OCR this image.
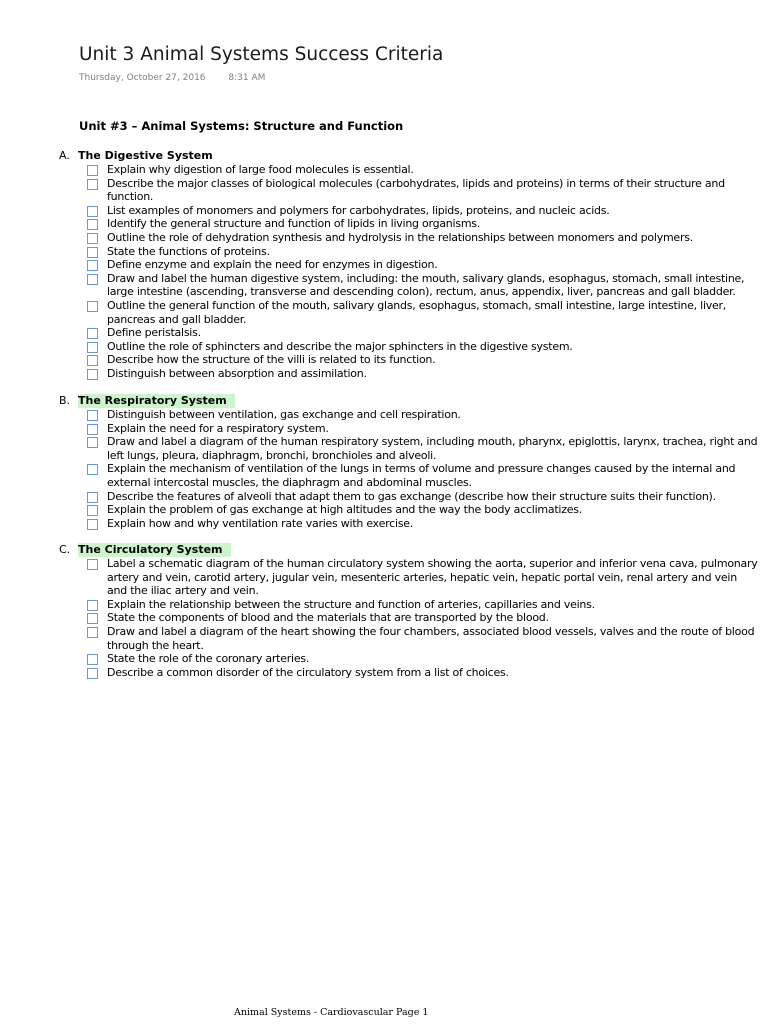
Unit 3 Animal Systems Success Criteria
Thursday, October 27, 2016	8:31 AM
Unit #3 – Animal Systems: Structure and Function
A. The Digestive System
Explain why digestion of large food molecules is essential.
Describe the major classes of biological molecules (carbohydrates, lipids and proteins) in terms of their structure and function.
List examples of monomers and polymers for carbohydrates, lipids, proteins, and nucleic acids.
Identify the general structure and function of lipids in living organisms.
Outline the role of dehydration synthesis and hydrolysis in the relationships between monomers and polymers.
State the functions of proteins.
Define enzyme and explain the need for enzymes in digestion.
Draw and label the human digestive system, including: the mouth, salivary glands, esophagus, stomach, small intestine, large intestine (ascending, transverse and descending colon), rectum, anus, appendix, liver, pancreas and gall bladder.
Outline the general function of the mouth, salivary glands, esophagus, stomach, small intestine, large intestine, liver, pancreas and gall bladder.
Define peristalsis.
Outline the role of sphincters and describe the major sphincters in the digestive system.
Describe how the structure of the villi is related to its function.
Distinguish between absorption and assimilation.
B. The Respiratory System
Distinguish between ventilation, gas exchange and cell respiration.
Explain the need for a respiratory system.
Draw and label a diagram of the human respiratory system, including mouth, pharynx, epiglottis, larynx, trachea, right and left lungs, pleura, diaphragm, bronchi, bronchioles and alveoli.
Explain the mechanism of ventilation of the lungs in terms of volume and pressure changes caused by the internal and external intercostal muscles, the diaphragm and abdominal muscles.
Describe the features of alveoli that adapt them to gas exchange (describe how their structure suits their function).
Explain the problem of gas exchange at high altitudes and the way the body acclimatizes.
Explain how and why ventilation rate varies with exercise.
C. The Circulatory System
Label a schematic diagram of the human circulatory system showing the aorta, superior and inferior vena cava, pulmonary artery and vein, carotid artery, jugular vein, mesenteric arteries, hepatic vein, hepatic portal vein, renal artery and vein and the iliac artery and vein.
Explain the relationship between the structure and function of arteries, capillaries and veins.
State the components of blood and the materials that are transported by the blood.
Draw and label a diagram of the heart showing the four chambers, associated blood vessels, valves and the route of blood through the heart.
State the role of the coronary arteries.
Describe a common disorder of the circulatory system from a list of choices.
Animal Systems - Cardiovascular Page 1
